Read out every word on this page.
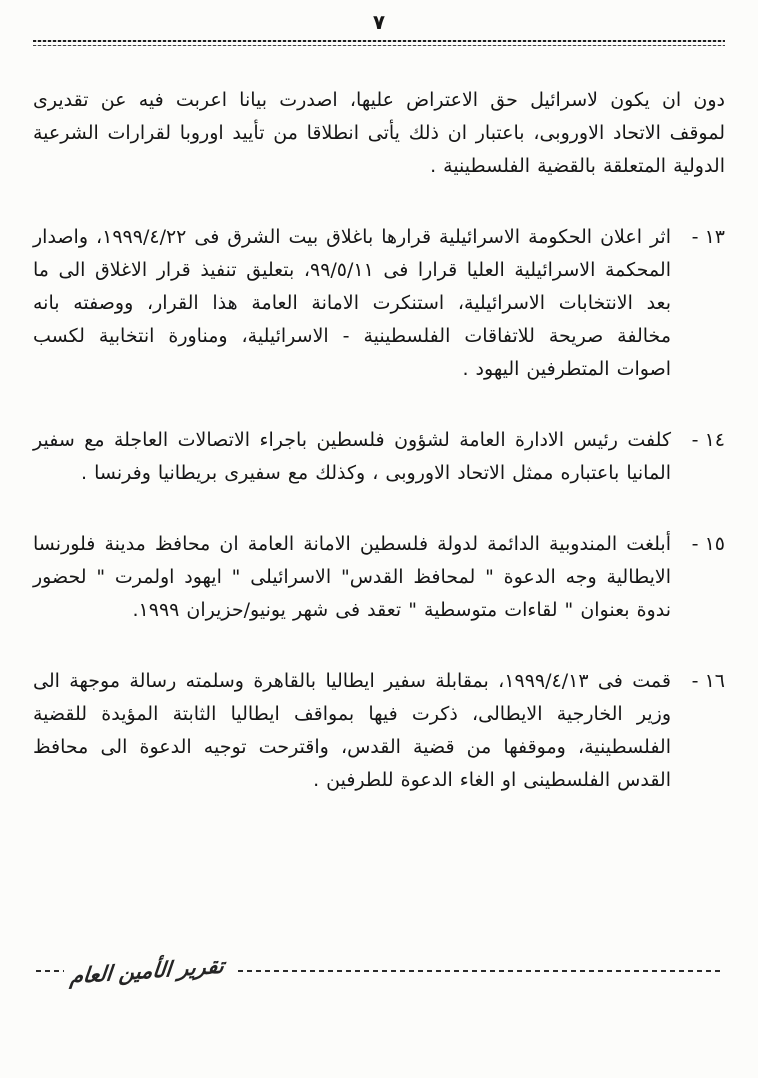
٧

دون ان يكون لاسرائيل حق الاعتراض عليها، اصدرت بيانا اعربت فيه عن تقديرى لموقف الاتحاد الاوروبى، باعتبار ان ذلك يأتى انطلاقا من تأييد اوروبا لقرارات الشرعية الدولية المتعلقة بالقضية الفلسطينية .

١٣ -
اثر اعلان الحكومة الاسرائيلية قرارها باغلاق بيت الشرق فى ١٩٩٩/٤/٢٢، واصدار المحكمة الاسرائيلية العليا قرارا فى ٩٩/٥/١١، بتعليق تنفيذ قرار الاغلاق الى ما بعد الانتخابات الاسرائيلية، استنكرت الامانة العامة هذا القرار، ووصفته بانه مخالفة صريحة للاتفاقات الفلسطينية - الاسرائيلية، ومناورة انتخابية لكسب اصوات المتطرفين اليهود .
١٤ -
كلفت رئيس الادارة العامة لشؤون فلسطين باجراء الاتصالات العاجلة مع سفير المانيا باعتباره ممثل الاتحاد الاوروبى ، وكذلك مع سفيرى بريطانيا وفرنسا .
١٥ -
أبلغت المندوبية الدائمة لدولة فلسطين الامانة العامة ان محافظ مدينة فلورنسا الايطالية وجه الدعوة " لمحافظ القدس" الاسرائيلى " ايهود اولمرت " لحضور ندوة بعنوان " لقاءات متوسطية " تعقد فى شهر يونيو/حزيران ١٩٩٩.
١٦ -
قمت فى ١٩٩٩/٤/١٣، بمقابلة سفير ايطاليا بالقاهرة وسلمته رسالة موجهة الى وزير الخارجية الايطالى، ذكرت فيها بمواقف ايطاليا الثابتة المؤيدة للقضية الفلسطينية، وموقفها من قضية القدس، واقترحت توجيه الدعوة الى محافظ القدس الفلسطينى او الغاء الدعوة للطرفين .
تقرير الأمين العام
